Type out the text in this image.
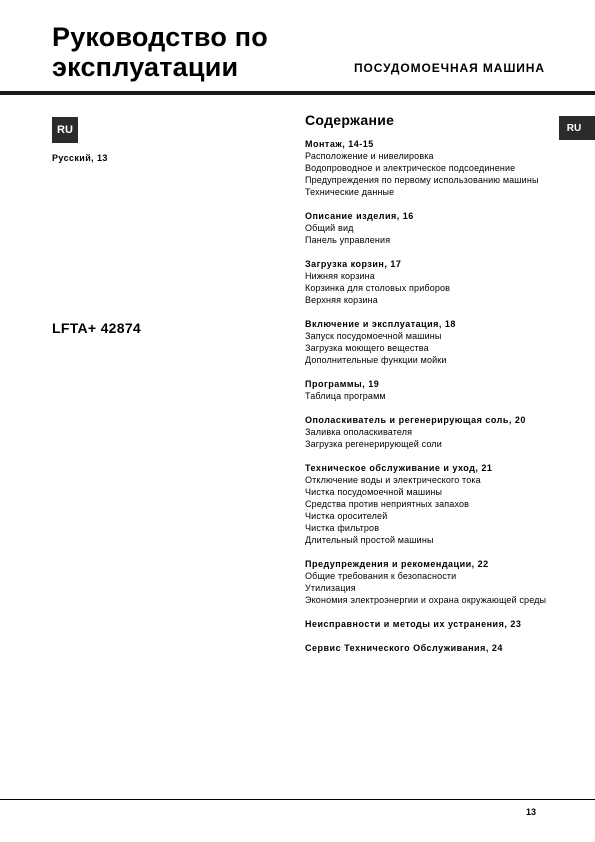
Руководство по
эксплуатации	ПОСУДОМОЕЧНАЯ МАШИНА
RU
Русский, 13
LFTA+ 42874
RU
Содержание
Монтаж, 14-15
Расположение и нивелировка
Водопроводное и электрическое подсоединение
Предупреждения по первому использованию машины
Технические данные
Описание изделия, 16
Общий вид
Панель управления
Загрузка корзин, 17
Нижняя корзина
Корзинка для столовых приборов
Верхняя корзина
Включение и эксплуатация, 18
Запуск посудомоечной машины
Загрузка моющего вещества
Дополнительные функции мойки
Программы, 19
Таблица программ
Ополаскиватель и регенерирующая соль, 20
Заливка ополаскивателя
Загрузка регенерирующей соли
Техническое обслуживание и уход, 21
Отключение воды и электрического тока
Чистка посудомоечной машины
Средства против неприятных запахов
Чистка оросителей
Чистка фильтров
Длительный простой машины
Предупреждения и рекомендации, 22
Общие требования к безопасности
Утилизация
Экономия электроэнергии и охрана окружающей среды
Неисправности и методы их устранения, 23
Сервис Технического Обслуживания, 24
13
